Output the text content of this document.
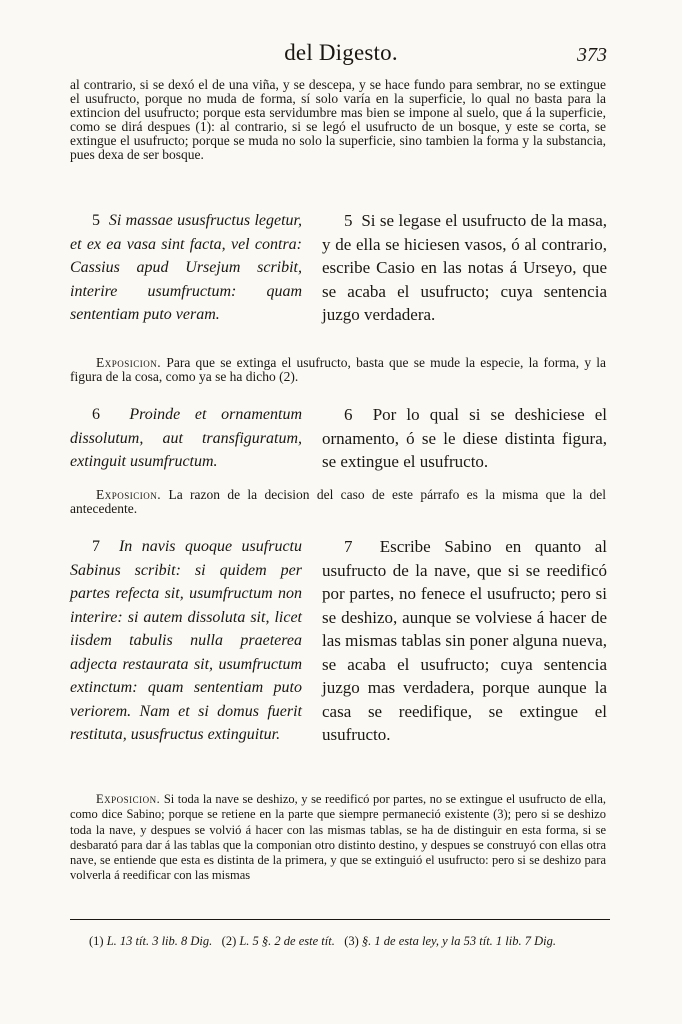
del Digesto.	373
al contrario, si se dexó el de una viña, y se descepa, y se hace fundo para sembrar, no se extingue el usufructo, porque no muda de forma, sí solo varía en la superficie, lo qual no basta para la extincion del usufructo; porque esta servidumbre mas bien se impone al suelo, que á la superficie, como se dirá despues (1): al contrario, si se legó el usufructo de un bosque, y este se corta, se extingue el usufructo; porque se muda no solo la superficie, sino tambien la forma y la substancia, pues dexa de ser bosque.
5 Si massae ususfructus legetur, et ex ea vasa sint facta, vel contra: Cassius apud Ursejum scribit, interire usumfructum: quam sententiam puto veram.
5 Si se legase el usufructo de la masa, y de ella se hiciesen vasos, ó al contrario, escribe Casio en las notas á Urseyo, que se acaba el usufructo; cuya sentencia juzgo verdadera.
Exposicion. Para que se extinga el usufructo, basta que se mude la especie, la forma, y la figura de la cosa, como ya se ha dicho (2).
6 Proinde et ornamentum dissolutum, aut transfiguratum, extinguit usumfructum.
6 Por lo qual si se deshiciese el ornamento, ó se le diese distinta figura, se extingue el usufructo.
Exposicion. La razon de la decision del caso de este párrafo es la misma que la del antecedente.
7 In navis quoque usufructu Sabinus scribit: si quidem per partes refecta sit, usumfructum non interire: si autem dissoluta sit, licet iisdem tabulis nulla praeterea adjecta restaurata sit, usumfructum extinctum: quam sententiam puto veriorem. Nam et si domus fuerit restituta, ususfructus extinguitur.
7 Escribe Sabino en quanto al usufructo de la nave, que si se reedificó por partes, no fenece el usufructo; pero si se deshizo, aunque se volviese á hacer de las mismas tablas sin poner alguna nueva, se acaba el usufructo; cuya sentencia juzgo mas verdadera, porque aunque la casa se reedifique, se extingue el usufructo.
Exposicion. Si toda la nave se deshizo, y se reedificó por partes, no se extingue el usufructo de ella, como dice Sabino; porque se retiene en la parte que siempre permaneció existente (3); pero si se deshizo toda la nave, y despues se volvió á hacer con las mismas tablas, se ha de distinguir en esta forma, si se desbarató para dar á las tablas que la componian otro distinto destino, y despues se construyó con ellas otra nave, se entiende que esta es distinta de la primera, y que se extinguió el usufructo: pero si se deshizo para volverla á reedificar con las mismas
(1) L. 13 tít. 3 lib. 8 Dig. (2) L. 5 §. 2 de este tít. (3) §. 1 de esta ley, y la 53 tít. 1 lib. 7 Dig.
